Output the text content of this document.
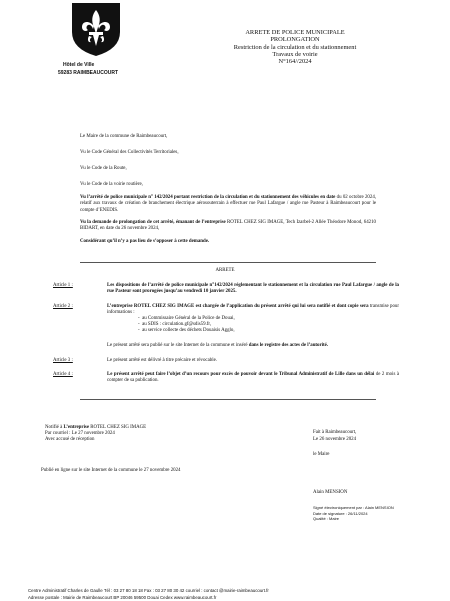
Hôtel de Ville
59283 RAIMBEAUCOURT
ARRETE DE POLICE MUNICIPALE
PROLONGATION
Restriction de la circulation et du stationnement
Travaux de voirie
N°164//2024
Le Maire de la commune de Raimbeaucourt,
Vu le Code Général des Collectivités Territoriales,
Vu le Code de la Route,
Vu le Code de la voirie routière,
Vu l’arrêté de police municipale n° 142/2024 portant restriction de la circulation et du stationnement des véhicules en date du 02 octobre 2024, relatif aux travaux de création de branchement électrique aérosouterrain à effectuer rue Paul Lafargue / angle rue Pasteur à Raimbeaucourt pour le compte d’ENEDIS.
Vu la demande de prolongation de cet arrêté, émanant de l’entreprise ROTEL CHEZ SIG IMAGE, Tech Izarbel-2 Allée Théodore Monod, 64210 BIDART, en date du 26 novembre 2024,
Considérant qu’il n’y a pas lieu de s’opposer à cette demande.
ARRETE
Article 1 :	Les dispositions de l’arrêté de police municipale n°142/2024 réglementant le stationnement et la circulation rue Paul Lafargue / angle de la rue Pasteur sont prorogées jusqu’au vendredi 10 janvier 2025.
Article 2 :	L’entreprise ROTEL CHEZ SIG IMAGE est chargée de l’application du présent arrêté qui lui sera notifié et dont copie sera transmise pour informations :
-  au Commissaire Général de la Police de Douai,
-  au SDIS : circulation.gf@sdis59.fr,
-  au service collecte des déchets Douaisis Agglo,
Le présent arrêté sera publié sur le site Internet de la commune et inséré dans le registre des actes de l’autorité.
Article 3 :	Le présent arrêté est délivré à titre précaire et révocable.
Article 4 :	Le présent arrêté peut faire l’objet d’un recours pour excès de pouvoir devant le Tribunal Administratif de Lille dans un délai de 2 mois à compter de sa publication.
Notifié à L’entreprise ROTEL CHEZ SIG IMAGE
Par courriel : Le 27 novembre 2024
Avec accusé de réception
Fait à Raimbeaucourt,
Le 26 novembre 2024
le Maire
Alain MENSION
Publié en ligne sur le site Internet de la commune le 27 novembre 2024
Signé électroniquement par : Alain MENSION
Date de signature : 26/11/2024
Qualité : Maire
Centre Administratif Charles de Gaulle Tél : 03 27 80 18 18 Fax : 03 27 80 30 42 courriel : contact @mairie-raimbeaucourt.fr
Adresse postale : Mairie de Raimbeaucourt BP 20046 59500 Douai Cedex www.raimbeaucourt.fr
